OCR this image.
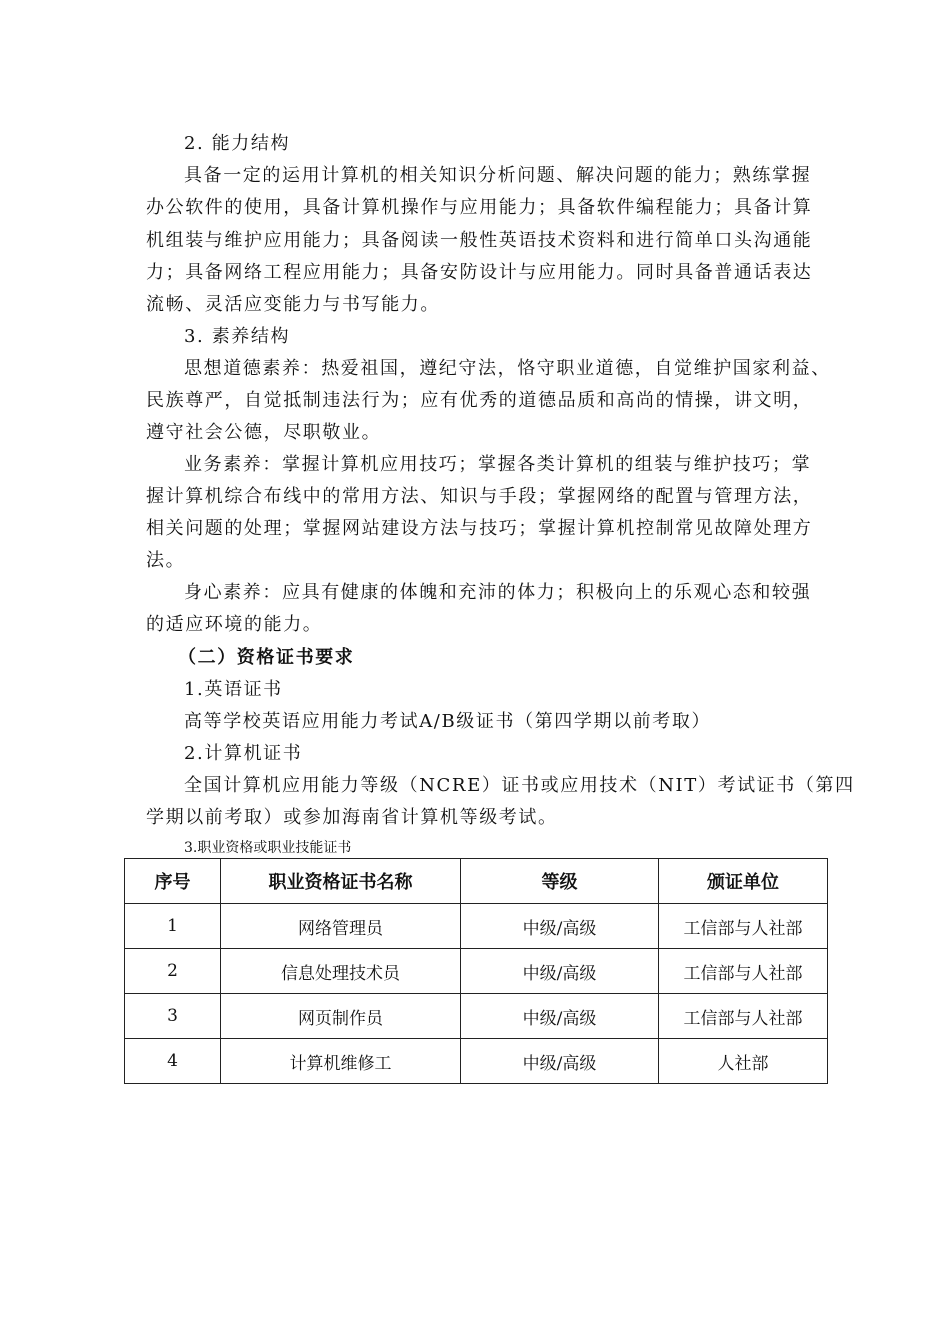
2. 能力结构
具备一定的运用计算机的相关知识分析问题、解决问题的能力；熟练掌握
办公软件的使用，具备计算机操作与应用能力；具备软件编程能力；具备计算
机组装与维护应用能力；具备阅读一般性英语技术资料和进行简单口头沟通能
力；具备网络工程应用能力；具备安防设计与应用能力。同时具备普通话表达
流畅、灵活应变能力与书写能力。
3. 素养结构
思想道德素养：热爱祖国，遵纪守法，恪守职业道德，自觉维护国家利益、
民族尊严，自觉抵制违法行为；应有优秀的道德品质和高尚的情操，讲文明，
遵守社会公德，尽职敬业。
业务素养：掌握计算机应用技巧；掌握各类计算机的组装与维护技巧；掌
握计算机综合布线中的常用方法、知识与手段；掌握网络的配置与管理方法，
相关问题的处理；掌握网站建设方法与技巧；掌握计算机控制常见故障处理方
法。
身心素养：应具有健康的体魄和充沛的体力；积极向上的乐观心态和较强
的适应环境的能力。
（二）资格证书要求
1.英语证书
高等学校英语应用能力考试A/B级证书（第四学期以前考取）
2.计算机证书
全国计算机应用能力等级（NCRE）证书或应用技术（NIT）考试证书（第四
学期以前考取）或参加海南省计算机等级考试。
3.职业资格或职业技能证书
序号	职业资格证书名称	等级	颁证单位
1	网络管理员	中级/高级	工信部与人社部
2	信息处理技术员	中级/高级	工信部与人社部
3	网页制作员	中级/高级	工信部与人社部
4	计算机维修工	中级/高级	人社部
